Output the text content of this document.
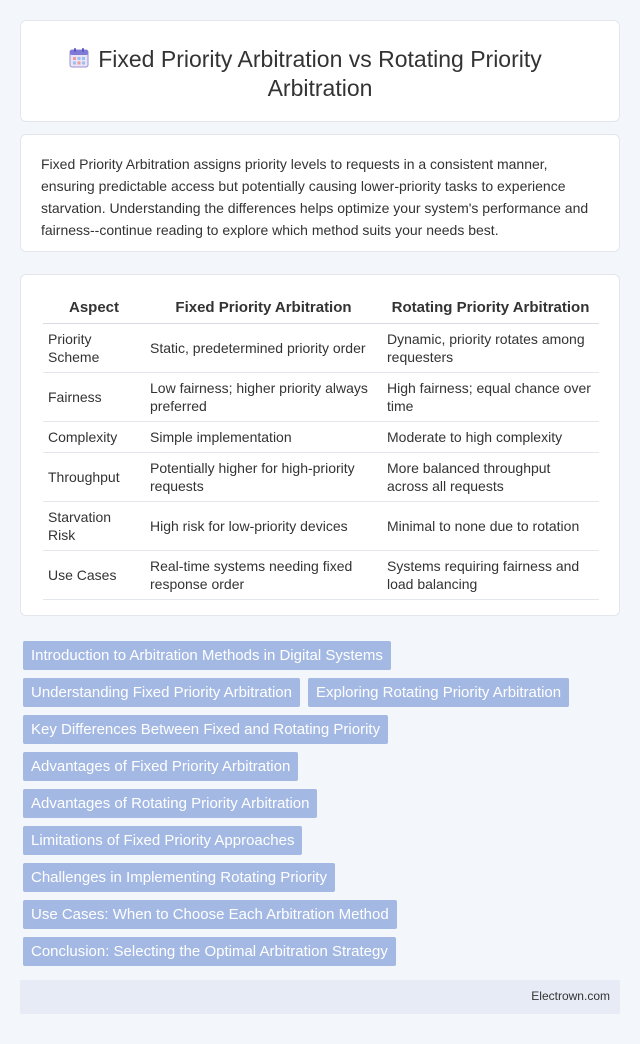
Fixed Priority Arbitration vs Rotating Priority Arbitration

Fixed Priority Arbitration assigns priority levels to requests in a consistent manner, ensuring predictable access but potentially causing lower-priority tasks to experience starvation. Understanding the differences helps optimize your system's performance and fairness--continue reading to explore which method suits your needs best.

Aspect	Fixed Priority Arbitration	Rotating Priority Arbitration
Priority Scheme	Static, predetermined priority order	Dynamic, priority rotates among requesters
Fairness	Low fairness; higher priority always preferred	High fairness; equal chance over time
Complexity	Simple implementation	Moderate to high complexity
Throughput	Potentially higher for high-priority requests	More balanced throughput across all requests
Starvation Risk	High risk for low-priority devices	Minimal to none due to rotation
Use Cases	Real-time systems needing fixed response order	Systems requiring fairness and load balancing
Introduction to Arbitration Methods in Digital Systems
Understanding Fixed Priority Arbitration	Exploring Rotating Priority Arbitration
Key Differences Between Fixed and Rotating Priority
Advantages of Fixed Priority Arbitration
Advantages of Rotating Priority Arbitration
Limitations of Fixed Priority Approaches
Challenges in Implementing Rotating Priority
Use Cases: When to Choose Each Arbitration Method
Conclusion: Selecting the Optimal Arbitration Strategy
Electrown.com
